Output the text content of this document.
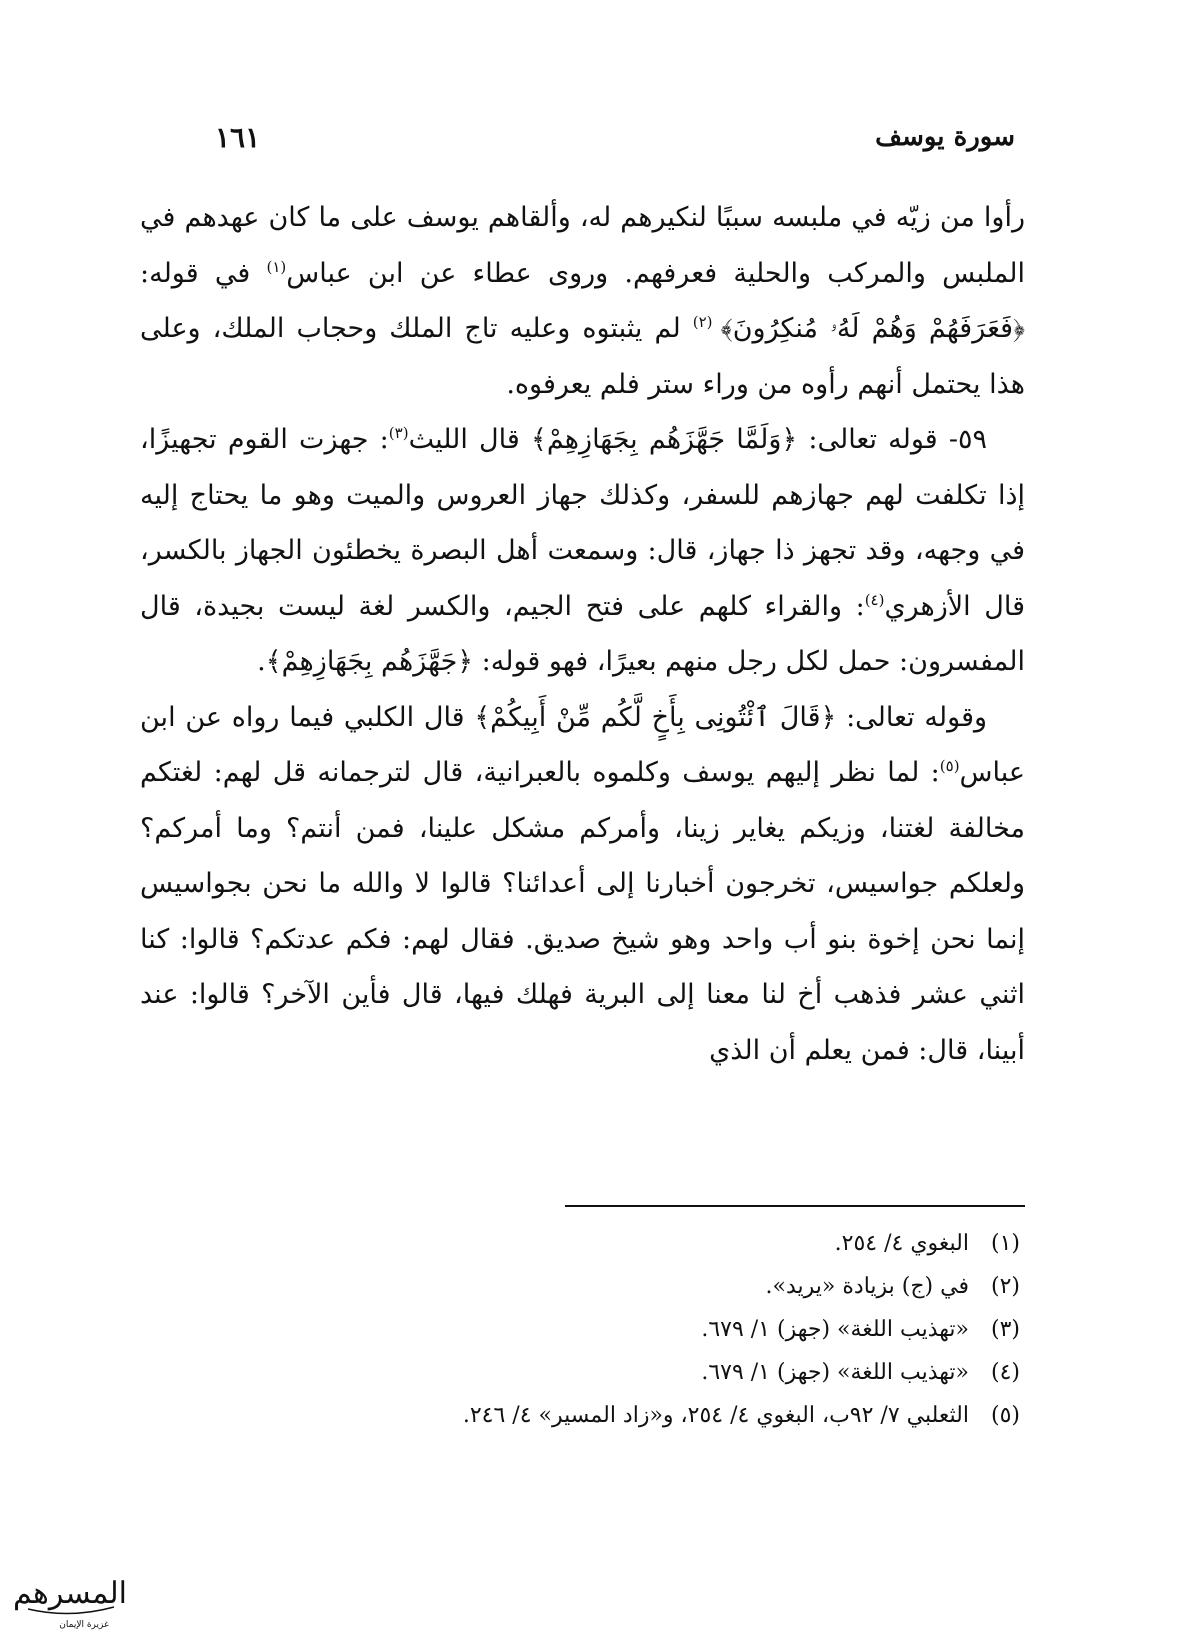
سورة يوسف
١٦١

رأوا من زيّه في ملبسه سببًا لنكيرهم له، وألقاهم يوسف على ما كان عهدهم في الملبس والمركب والحلية فعرفهم. وروى عطاء عن ابن عباس$^{(١)}$ في قوله: ﴿فَعَرَفَهُمْ وَهُمْ لَهُۥ مُنكِرُونَ﴾ $^{(٢)}$ لم يثبتوه وعليه تاج الملك وحجاب الملك، وعلى هذا يحتمل أنهم رأوه من وراء ستر فلم يعرفوه.

٥٩- قوله تعالى: ﴿وَلَمَّا جَهَّزَهُم بِجَهَازِهِمْ﴾ قال الليث$^{(٣)}$: جهزت القوم تجهيزًا، إذا تكلفت لهم جهازهم للسفر، وكذلك جهاز العروس والميت وهو ما يحتاج إليه في وجهه، وقد تجهز ذا جهاز، قال: وسمعت أهل البصرة يخطئون الجهاز بالكسر، قال الأزهري$^{(٤)}$: والقراء كلهم على فتح الجيم، والكسر لغة ليست بجيدة، قال المفسرون: حمل لكل رجل منهم بعيرًا، فهو قوله: ﴿جَهَّزَهُم بِجَهَازِهِمْ﴾.

وقوله تعالى: ﴿قَالَ ٱئْتُونِى بِأَخٍ لَّكُم مِّنْ أَبِيكُمْ﴾ قال الكلبي فيما رواه عن ابن عباس$^{(٥)}$: لما نظر إليهم يوسف وكلموه بالعبرانية، قال لترجمانه قل لهم: لغتكم مخالفة لغتنا، وزيكم يغاير زينا، وأمركم مشكل علينا، فمن أنتم؟ وما أمركم؟ ولعلكم جواسيس، تخرجون أخبارنا إلى أعدائنا؟ قالوا لا والله ما نحن بجواسيس إنما نحن إخوة بنو أب واحد وهو شيخ صديق. فقال لهم: فكم عدتكم؟ قالوا: كنا اثني عشر فذهب أخ لنا معنا إلى البرية فهلك فيها، قال فأين الآخر؟ قالوا: عند أبينا، قال: فمن يعلم أن الذي

(١) البغوي ٤/ ٢٥٤.
(٢) في (ج) بزيادة «يريد».
(٣) «تهذيب اللغة» (جهز) ١/ ٦٧٩.
(٤) «تهذيب اللغة» (جهز) ١/ ٦٧٩.
(٥) الثعلبي ٧/ ٩٢ب، البغوي ٤/ ٢٥٤، و«زاد المسير» ٤/ ٢٤٦.
المسرهم
غزيرة الإيمان
